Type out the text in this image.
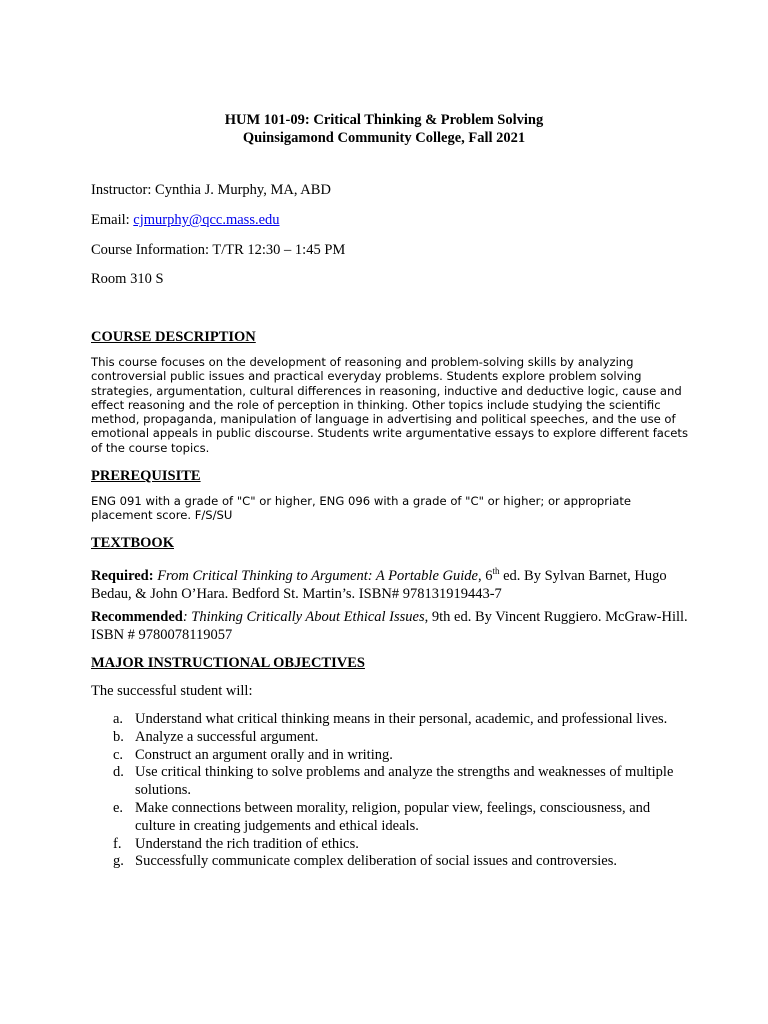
HUM 101-09: Critical Thinking & Problem Solving
Quinsigamond Community College, Fall 2021
Instructor: Cynthia J. Murphy, MA, ABD
Email: cjmurphy@qcc.mass.edu
Course Information: T/TR 12:30 – 1:45 PM
Room 310 S
COURSE DESCRIPTION
This course focuses on the development of reasoning and problem-solving skills by analyzing controversial public issues and practical everyday problems. Students explore problem solving strategies, argumentation, cultural differences in reasoning, inductive and deductive logic, cause and effect reasoning and the role of perception in thinking. Other topics include studying the scientific method, propaganda, manipulation of language in advertising and political speeches, and the use of emotional appeals in public discourse. Students write argumentative essays to explore different facets of the course topics.
PREREQUISITE
ENG 091 with a grade of "C" or higher, ENG 096 with a grade of "C" or higher; or appropriate placement score. F/S/SU
TEXTBOOK
Required: From Critical Thinking to Argument: A Portable Guide, 6th ed. By Sylvan Barnet, Hugo Bedau, & John O’Hara. Bedford St. Martin’s. ISBN# 978131919443-7
Recommended: Thinking Critically About Ethical Issues, 9th ed. By Vincent Ruggiero. McGraw-Hill. ISBN # 9780078119057
MAJOR INSTRUCTIONAL OBJECTIVES
The successful student will:
a. Understand what critical thinking means in their personal, academic, and professional lives.
b. Analyze a successful argument.
c. Construct an argument orally and in writing.
d. Use critical thinking to solve problems and analyze the strengths and weaknesses of multiple solutions.
e. Make connections between morality, religion, popular view, feelings, consciousness, and culture in creating judgements and ethical ideals.
f. Understand the rich tradition of ethics.
g. Successfully communicate complex deliberation of social issues and controversies.
